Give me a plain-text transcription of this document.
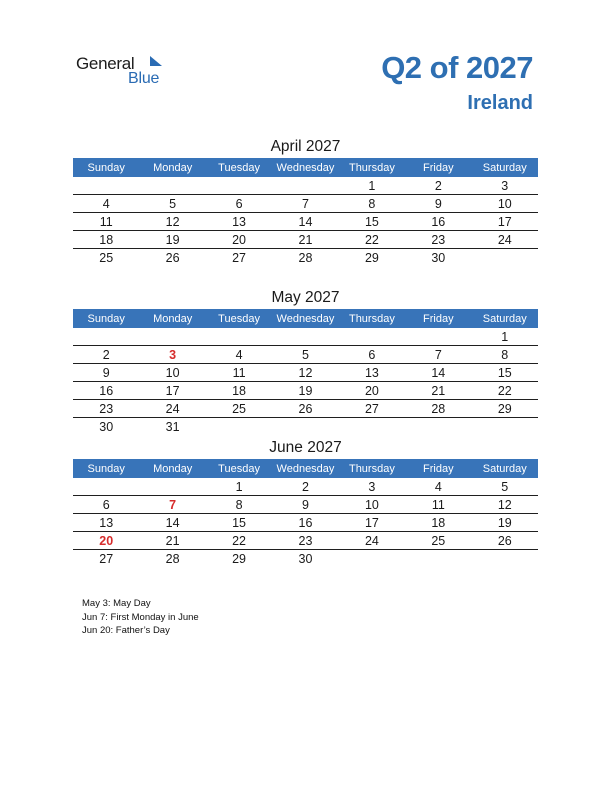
General
Blue	Q2 of 2027
Ireland
April 2027
Sunday	Monday	Tuesday	Wednesday	Thursday	Friday	Saturday
				1	2	3
4	5	6	7	8	9	10
11	12	13	14	15	16	17
18	19	20	21	22	23	24
25	26	27	28	29	30	
May 2027
Sunday	Monday	Tuesday	Wednesday	Thursday	Friday	Saturday
						1
2	3	4	5	6	7	8
9	10	11	12	13	14	15
16	17	18	19	20	21	22
23	24	25	26	27	28	29
30	31					
June 2027
Sunday	Monday	Tuesday	Wednesday	Thursday	Friday	Saturday
		1	2	3	4	5
6	7	8	9	10	11	12
13	14	15	16	17	18	19
20	21	22	23	24	25	26
27	28	29	30			
May 3: May Day
Jun 7: First Monday in June
Jun 20: Father’s Day
